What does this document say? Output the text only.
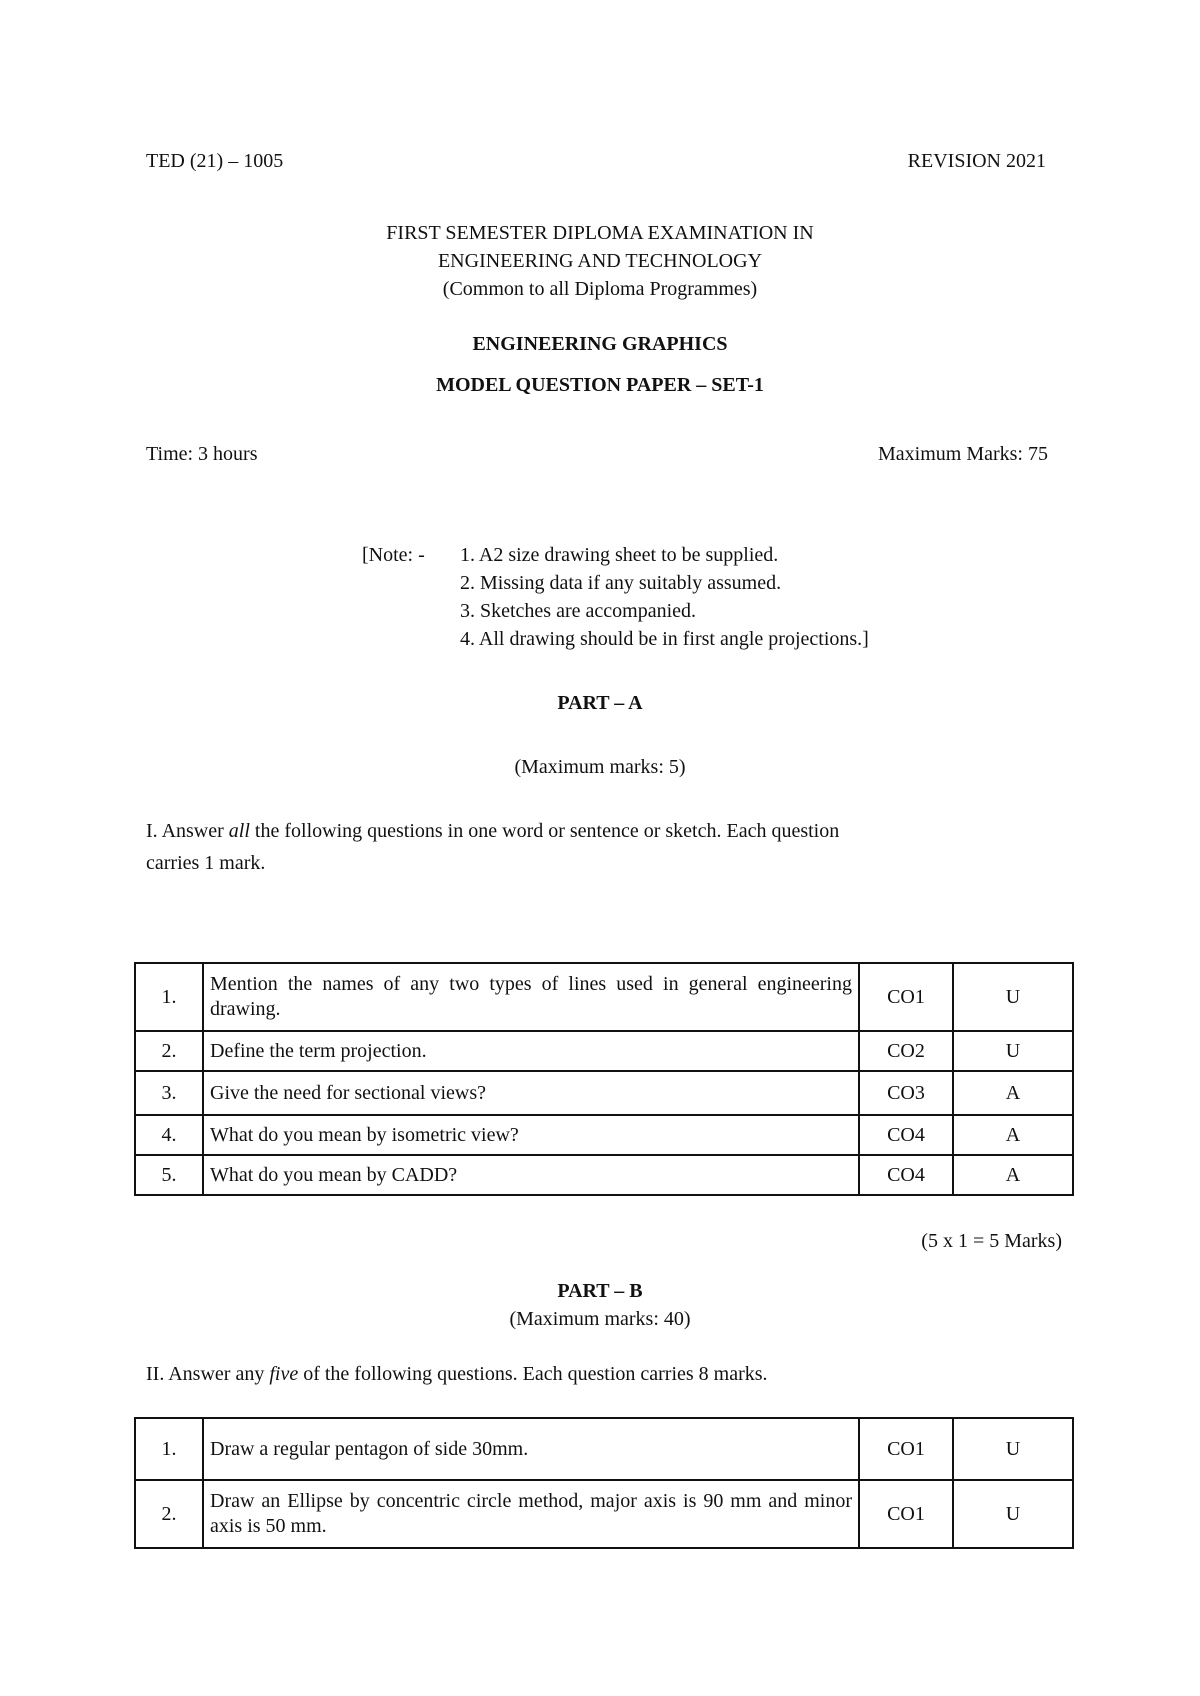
TED (21) – 1005	REVISION 2021
FIRST SEMESTER DIPLOMA EXAMINATION IN
ENGINEERING AND TECHNOLOGY
(Common to all Diploma Programmes)
ENGINEERING GRAPHICS
MODEL QUESTION PAPER – SET-1
Time: 3 hours	Maximum Marks: 75
[Note: - 1. A2 size drawing sheet to be supplied.
2. Missing data if any suitably assumed.
3. Sketches are accompanied.
4. All drawing should be in first angle projections.]
PART – A
(Maximum marks: 5)
I. Answer all the following questions in one word or sentence or sketch. Each question
carries 1 mark.
1.	Mention the names of any two types of lines used in general engineering drawing.	CO1	U
2.	Define the term projection.	CO2	U
3.	Give the need for sectional views?	CO3	A
4.	What do you mean by isometric view?	CO4	A
5.	What do you mean by CADD?	CO4	A
(5 x 1 = 5 Marks)
PART – B
(Maximum marks: 40)
II. Answer any five of the following questions. Each question carries 8 marks.
1.	Draw a regular pentagon of side 30mm.	CO1	U
2.	Draw an Ellipse by concentric circle method, major axis is 90 mm and minor axis is 50 mm.	CO1	U
